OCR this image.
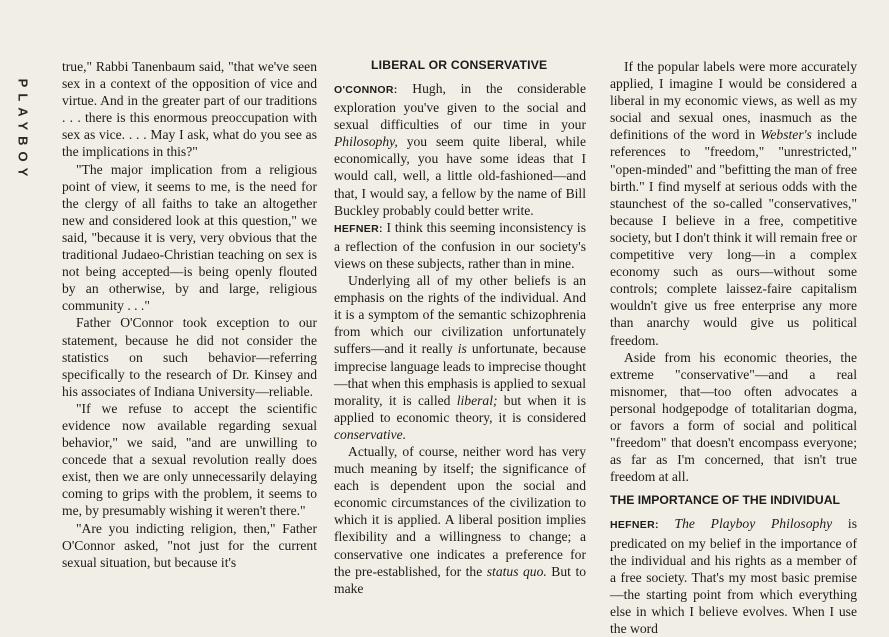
PLAYBOY

true," Rabbi Tanenbaum said, "that we've seen sex in a context of the opposition of vice and virtue. And in the greater part of our traditions . . . there is this enormous preoccupation with sex as vice. . . . May I ask, what do you see as the implications in this?"

"The major implication from a religious point of view, it seems to me, is the need for the clergy of all faiths to take an altogether new and considered look at this question," we said, "because it is very, very obvious that the traditional Judaeo-Christian teaching on sex is not being accepted—is being openly flouted by an otherwise, by and large, religious community . . ."

Father O'Connor took exception to our statement, because he did not consider the statistics on such behavior—referring specifically to the research of Dr. Kinsey and his associates of Indiana University—reliable.

"If we refuse to accept the scientific evidence now available regarding sexual behavior," we said, "and are unwilling to concede that a sexual revolution really does exist, then we are only unnecessarily delaying coming to grips with the problem, it seems to me, by presumably wishing it weren't there."

"Are you indicting religion, then," Father O'Connor asked, "not just for the current sexual situation, but because it's

LIBERAL OR CONSERVATIVE

O'CONNOR: Hugh, in the considerable exploration you've given to the social and sexual difficulties of our time in your Philosophy, you seem quite liberal, while economically, you have some ideas that I would call, well, a little old-fashioned—and that, I would say, a fellow by the name of Bill Buckley probably could better write.

HEFNER: I think this seeming inconsistency is a reflection of the confusion in our society's views on these subjects, rather than in mine.

Underlying all of my other beliefs is an emphasis on the rights of the individual. And it is a symptom of the semantic schizophrenia from which our civilization unfortunately suffers—and it really is unfortunate, because imprecise language leads to imprecise thought—that when this emphasis is applied to sexual morality, it is called liberal; but when it is applied to economic theory, it is considered conservative.

Actually, of course, neither word has very much meaning by itself; the significance of each is dependent upon the social and economic circumstances of the civilization to which it is applied. A liberal position implies flexibility and a willingness to change; a conservative one indicates a preference for the pre-established, for the status quo. But to make

If the popular labels were more accurately applied, I imagine I would be considered a liberal in my economic views, as well as my social and sexual ones, inasmuch as the definitions of the word in Webster's include references to "freedom," "unrestricted," "open-minded" and "befitting the man of free birth." I find myself at serious odds with the staunchest of the so-called "conservatives," because I believe in a free, competitive society, but I don't think it will remain free or competitive very long—in a complex economy such as ours—without some controls; complete laissez-faire capitalism wouldn't give us free enterprise any more than anarchy would give us political freedom.

Aside from his economic theories, the extreme "conservative"—and a real misnomer, that—too often advocates a personal hodgepodge of totalitarian dogma, or favors a form of social and political "freedom" that doesn't encompass everyone; as far as I'm concerned, that isn't true freedom at all.

THE IMPORTANCE OF THE INDIVIDUAL

HEFNER: The Playboy Philosophy is predicated on my belief in the importance of the individual and his rights as a member of a free society. That's my most basic premise—the starting point from which everything else in which I believe evolves. When I use the word
